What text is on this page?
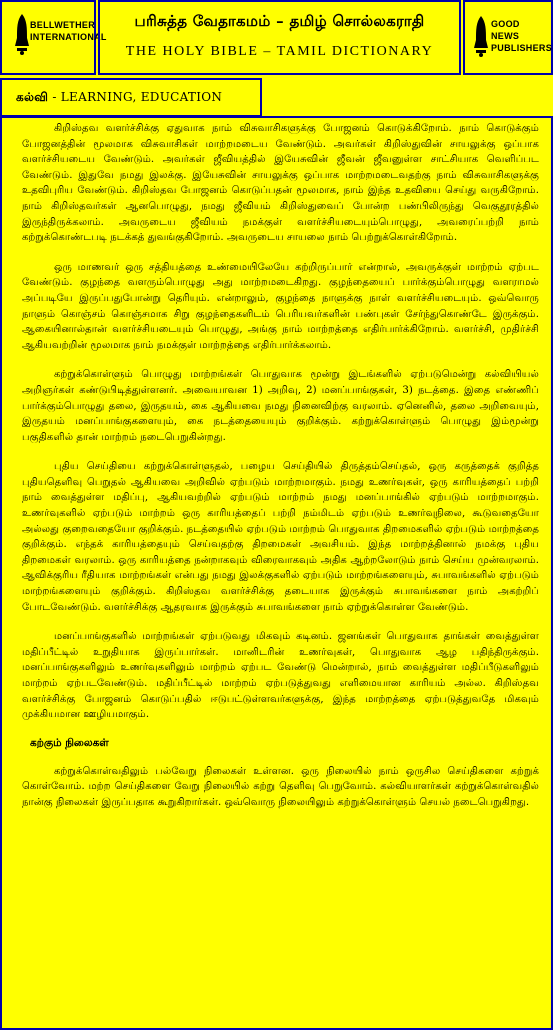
BELLWETHER INTERNATIONAL
பரிசுத்த வேதாகமம் – தமிழ் சொல்லகராதி
THE HOLY BIBLE – TAMIL DICTIONARY
GOOD NEWS PUBLISHERS
கல்வி - LEARNING, EDUCATION

கிறிஸ்தவ வளர்ச்சிக்கு ஏதுவாக நாம் விசுவாசிகளுக்கு போஜனம் கொடுக்கிறோம். நாம் கொடுக்கும் போஜனத்தின் மூலமாக விசுவாசிகள் மாற்றமடைய வேண்டும். அவர்கள் கிறிஸ்துவின் சாயலுக்கு ஒப்பாக வளர்ச்சியடைய வேண்டும். அவர்கள் ஜீவியத்தில் இயேசுவின் ஜீவன் ஜீவனுள்ள சாட்சியாக வெளிப்பட வேண்டும். இதுவே நமது இலக்கு. இயேசுவின் சாயலுக்கு ஒப்பாக மாற்றமடைவதற்கு நாம் விசுவாசிகளுக்கு உதவிபுரிய வேண்டும். கிறிஸ்தவ போஜனம் கொடுப்பதன் மூலமாக, நாம் இந்த உதவியை செய்து வருகிறோம். நாம் கிறிஸ்தவர்கள் ஆனபொழுது, நமது ஜீவியம் கிறிஸ்துவைப் போன்ற பண்பிலிருந்து வெகுதூரத்தில் இருந்திருக்கலாம். அவருடைய ஜீவியம் நமக்குள் வளர்ச்சியடையும்பொழுது, அவரைப்பற்றி நாம் கற்றுக்கொண்டபடி நடக்கத் துவங்குகிறோம். அவருடைய சாயலை நாம் பெற்றுக்கொள்கிறோம்.

ஒரு மாணவர் ஒரு சத்தியத்தை உண்மையிலேயே கற்றிருப்பார் என்றால், அவருக்குள் மாற்றம் ஏற்பட வேண்டும். குழந்தை வளரும்பொழுது அது மாற்றமடைகிறது. குழந்தையைப் பார்க்கும்பொழுது வளராமல் அப்படியே இருப்பதுபோன்று தெரியும். என்றாலும், குழந்தை நாளுக்கு நாள் வளர்ச்சியடையும். ஒவ்வொரு நாளும் கொஞ்சம் கொஞ்சமாக சிறு குழந்தைகளிடம் பெரியவர்களின் பண்புகள் சேர்ந்துகொண்டே இருக்கும். ஆகையினால்தான் வளர்ச்சியடையும் பொழுது, அங்கு நாம் மாற்றத்தை எதிர்பார்க்கிறோம். வளர்ச்சி, முதிர்ச்சி ஆகியவற்றின் மூலமாக நாம் நமக்குள் மாற்றத்தை எதிர்பார்க்கலாம்.

கற்றுக்கொள்ளும் பொழுது மாற்றங்கள் பொதுவாக மூன்று இடங்களில் ஏற்படுமென்று கல்வியியல் அறிஞர்கள் கண்டுபிடித்துள்ளனர். அவையாவன 1) அறிவு, 2) மனப்பாங்குகள், 3) நடத்தை. இதை எண்ணிப் பார்க்கும்பொழுது தலை, இருதயம், கை ஆகியவை நமது நினைவிற்கு வரலாம். ஏனெனில், தலை அறிவையும், இருதயம் மனப்பாங்குகளையும், கை நடத்தையையும் குறிக்கும். கற்றுக்கொள்ளும் பொழுது இம்மூன்று பகுதிகளில் தான் மாற்றம் நடைபெறுகின்றது.

புதிய செய்தியை கற்றுக்கொள்ளுதல், பழைய செய்தியில் திருத்தம்செய்தல், ஒரு கருத்தைக் குறித்த புதியதெளிவு பெறுதல் ஆகியவை அறிவில் ஏற்படும் மாற்றமாகும். நமது உணர்வுகள், ஒரு காரியத்தைப் பற்றி நாம் வைத்துள்ள மதிப்பு, ஆகியவற்றில் ஏற்படும் மாற்றம் நமது மனப்பாங்கில் ஏற்படும் மாற்றமாகும். உணர்வுகளில் ஏற்படும் மாற்றம் ஒரு காரியத்தைப் பற்றி நம்மிடம் ஏற்படும் உணர்வுநிலை, கூடுவதையோ அல்லது குறைவதையோ குறிக்கும். நடத்தையில் ஏற்படும் மாற்றம் பொதுவாக திறமைகளில் ஏற்படும் மாற்றத்தை குறிக்கும். எந்தக் காரியத்தையும் செய்வதற்கு திறமைகள் அவசியம். இந்த மாற்றத்தினால் நமக்கு புதிய திறமைகள் வரலாம். ஒரு காரியத்தை நன்றாகவும் விரைவாகவும் அதிக ஆற்றலோடும் நாம் செய்ய முன்வரலாம். ஆவிக்குரிய ரீதியாக மாற்றங்கள் என்பது நமது இலக்குகளில் ஏற்படும் மாற்றங்களையும், சுபாவங்களில் ஏற்படும் மாற்றங்களையும் குறிக்கும். கிறிஸ்தவ வளர்ச்சிக்கு தடையாக இருக்கும் சுபாவங்களை நாம் அகற்றிப் போடவேண்டும். வளர்ச்சிக்கு ஆதரவாக இருக்கும் சுபாவங்களை நாம் ஏற்றுக்கொள்ள வேண்டும்.

மனப்பாங்குகளில் மாற்றங்கள் ஏற்படுவது மிகவும் கடினம். ஜனங்கள் பொதுவாக தாங்கள் வைத்துள்ள மதிப்பீட்டில் உறுதியாக இருப்பார்கள். மானிடரின் உணர்வுகள், பொதுவாக ஆழ பதிந்திருக்கும். மனப்பாங்குகளிலும் உணர்வுகளிலும் மாற்றம் ஏற்பட வேண்டு மென்றால், நாம் வைத்துள்ள மதிப்பீடுகளிலும் மாற்றம் ஏற்படவேண்டும். மதிப்பீட்டில் மாற்றம் ஏற்படுத்துவது எளிமையான காரியம் அல்ல. கிறிஸ்தவ வளர்ச்சிக்கு போஜனம் கொடுப்பதில் ஈடுபட்டுள்ளவர்களுக்கு, இந்த மாற்றத்தை ஏற்படுத்துவதே மிகவும் முக்கியமான ஊழியமாகும்.

கற்கும் நிலைகள்

கற்றுக்கொள்வதிலும் பல்வேறு நிலைகள் உள்ளன. ஒரு நிலையில் நாம் ஒருசில செய்திகளை கற்றுக் கொள்வோம். மற்ற செய்திகளை வேறு நிலையில் கற்று தெளிவு பெறுவோம். கல்வியாளர்கள் கற்றுக்கொள்வதில் நான்கு நிலைகள் இருப்பதாக கூறுகிறார்கள். ஒவ்வொரு நிலையிலும் கற்றுக்கொள்ளும் செயல் நடைபெறுகிறது.
